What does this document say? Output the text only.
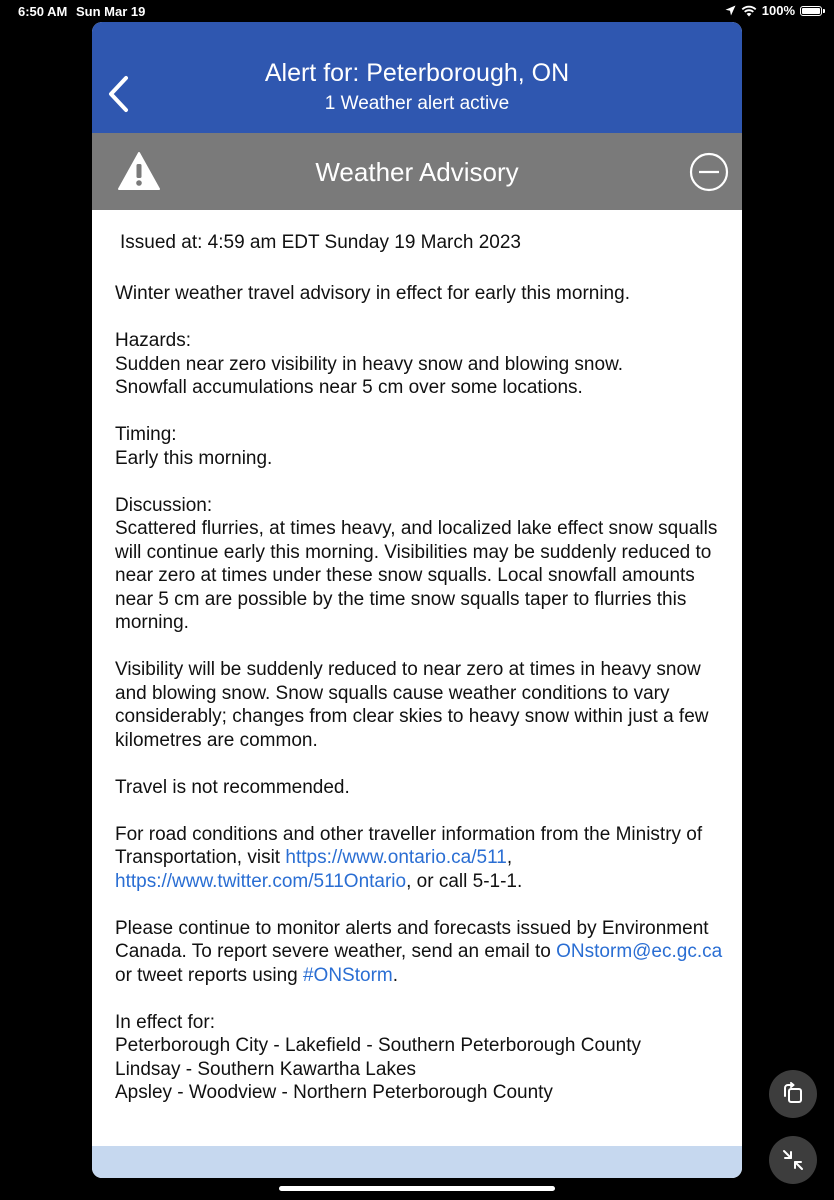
6:50 AM Sun Mar 19	100%
Alert for: Peterborough, ON
1 Weather alert active
Weather Advisory
Issued at: 4:59 am EDT Sunday 19 March 2023

Winter weather travel advisory in effect for early this morning.

Hazards:
Sudden near zero visibility in heavy snow and blowing snow.
Snowfall accumulations near 5 cm over some locations.

Timing:
Early this morning.

Discussion:
Scattered flurries, at times heavy, and localized lake effect snow squalls will continue early this morning. Visibilities may be suddenly reduced to near zero at times under these snow squalls. Local snowfall amounts near 5 cm are possible by the time snow squalls taper to flurries this morning.

Visibility will be suddenly reduced to near zero at times in heavy snow and blowing snow. Snow squalls cause weather conditions to vary considerably; changes from clear skies to heavy snow within just a few kilometres are common.

Travel is not recommended.

For road conditions and other traveller information from the Ministry of Transportation, visit https://www.ontario.ca/511, https://www.twitter.com/511Ontario, or call 5-1-1.

Please continue to monitor alerts and forecasts issued by Environment Canada. To report severe weather, send an email to ONstorm@ec.gc.ca or tweet reports using #ONStorm.

In effect for:
Peterborough City - Lakefield - Southern Peterborough County
Lindsay - Southern Kawartha Lakes
Apsley - Woodview - Northern Peterborough County
